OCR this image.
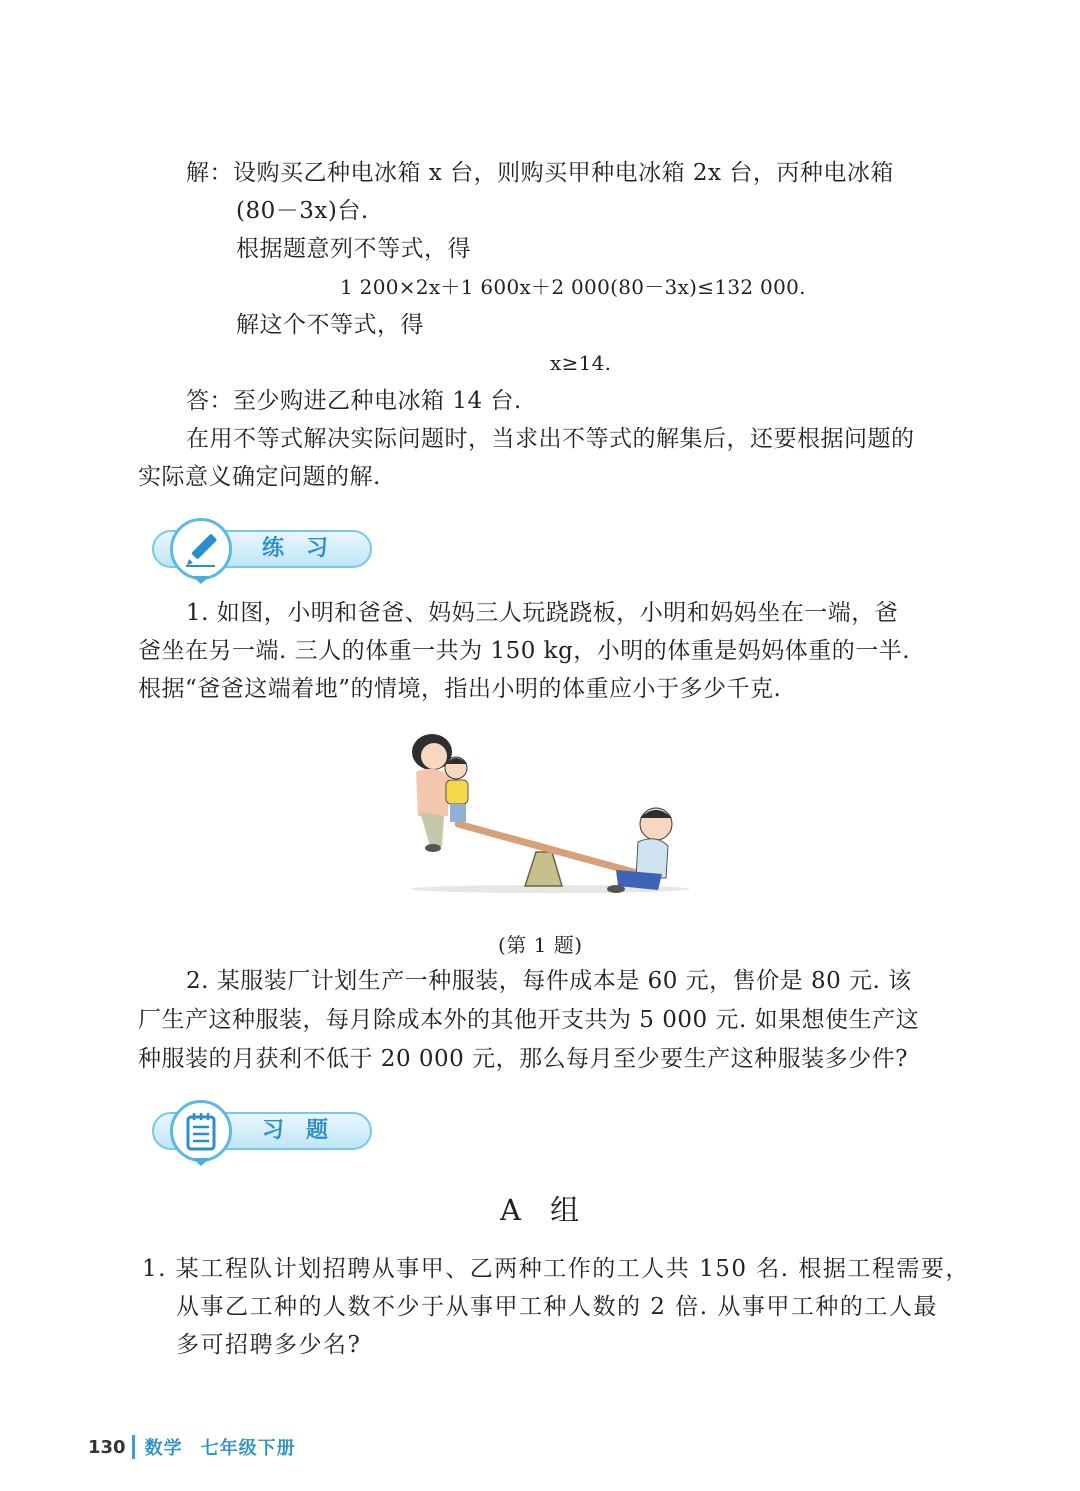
解：设购买乙种电冰箱 x 台，则购买甲种电冰箱 2x 台，丙种电冰箱
(80－3x)台.
根据题意列不等式，得
1 200×2x＋1 600x＋2 000(80－3x)≤132 000.
解这个不等式，得
x≥14.
答：至少购进乙种电冰箱 14 台.
在用不等式解决实际问题时，当求出不等式的解集后，还要根据问题的
实际意义确定问题的解.
练习
1. 如图，小明和爸爸、妈妈三人玩跷跷板，小明和妈妈坐在一端，爸
爸坐在另一端. 三人的体重一共为 150 kg，小明的体重是妈妈体重的一半.
根据“爸爸这端着地”的情境，指出小明的体重应小于多少千克.
(第 1 题)
2. 某服装厂计划生产一种服装，每件成本是 60 元，售价是 80 元. 该
厂生产这种服装，每月除成本外的其他开支共为 5 000 元. 如果想使生产这
种服装的月获利不低于 20 000 元，那么每月至少要生产这种服装多少件?
习题
A 组
1. 某工程队计划招聘从事甲、乙两种工作的工人共 150 名. 根据工程需要，
从事乙工种的人数不少于从事甲工种人数的 2 倍. 从事甲工种的工人最
多可招聘多少名?
130 数学 七年级下册
